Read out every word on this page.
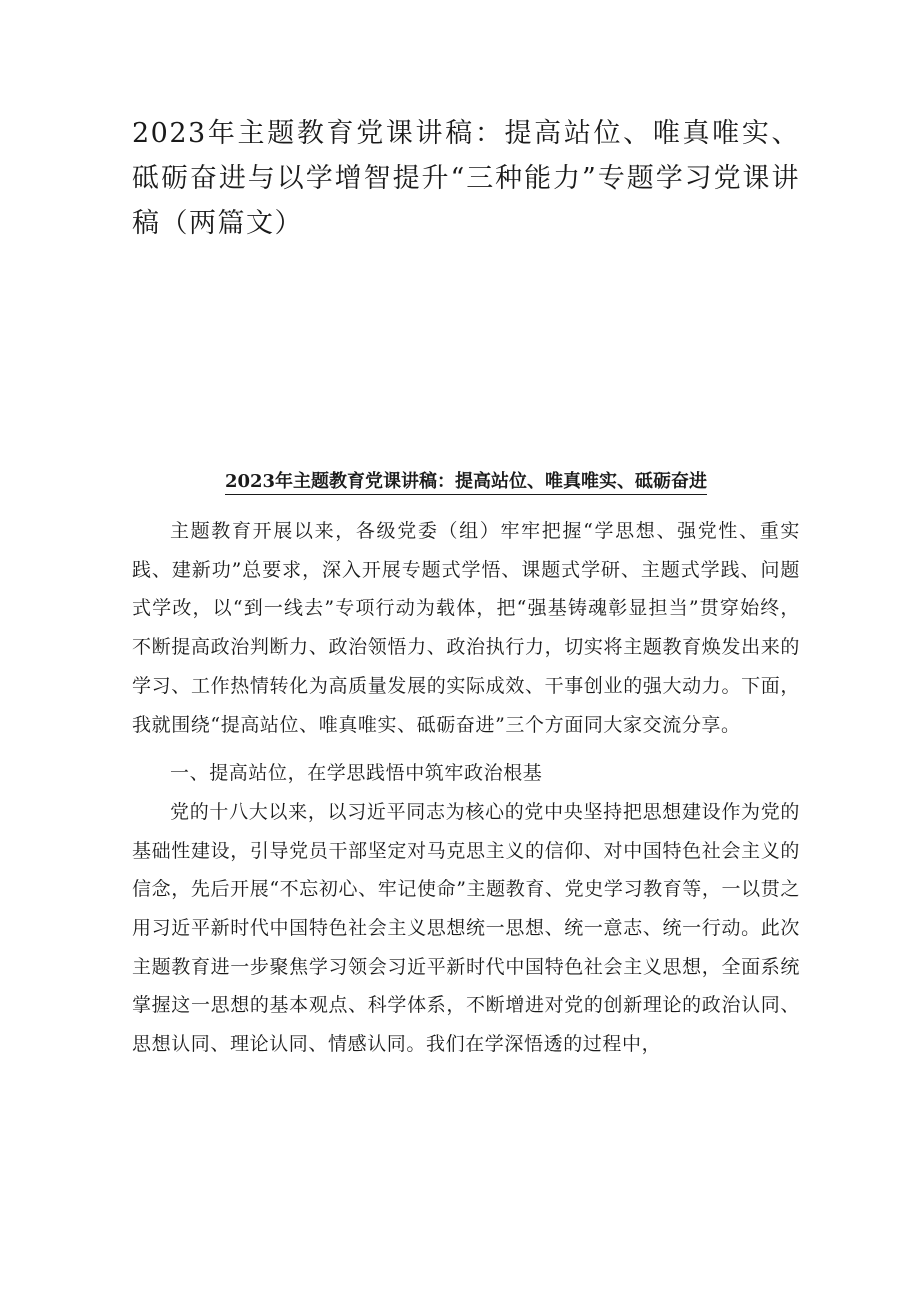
2023年主题教育党课讲稿：提高站位、唯真唯实、砥砺奋进与以学增智提升“三种能力”专题学习党课讲稿（两篇文）
2023年主题教育党课讲稿：提高站位、唯真唯实、砥砺奋进

主题教育开展以来，各级党委（组）牢牢把握“学思想、强党性、重实践、建新功”总要求，深入开展专题式学悟、课题式学研、主题式学践、问题式学改，以“到一线去”专项行动为载体，把“强基铸魂彰显担当”贯穿始终，不断提高政治判断力、政治领悟力、政治执行力，切实将主题教育焕发出来的学习、工作热情转化为高质量发展的实际成效、干事创业的强大动力。下面，我就围绕“提高站位、唯真唯实、砥砺奋进”三个方面同大家交流分享。

一、提高站位，在学思践悟中筑牢政治根基

党的十八大以来，以习近平同志为核心的党中央坚持把思想建设作为党的基础性建设，引导党员干部坚定对马克思主义的信仰、对中国特色社会主义的信念，先后开展“不忘初心、牢记使命”主题教育、党史学习教育等，一以贯之用习近平新时代中国特色社会主义思想统一思想、统一意志、统一行动。此次主题教育进一步聚焦学习领会习近平新时代中国特色社会主义思想，全面系统掌握这一思想的基本观点、科学体系，不断增进对党的创新理论的政治认同、思想认同、理论认同、情感认同。我们在学深悟透的过程中，
